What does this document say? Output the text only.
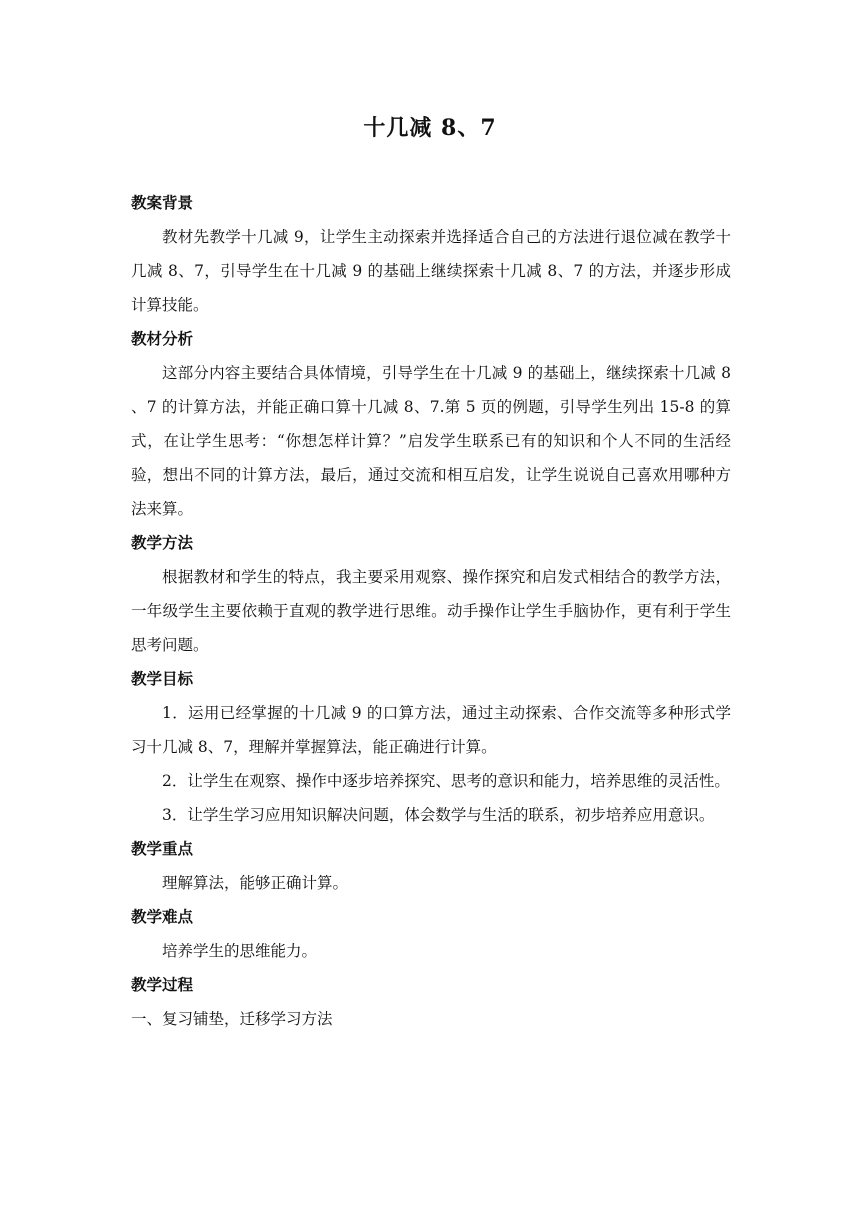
十几减 8、7

教案背景

教材先教学十几减 9，让学生主动探索并选择适合自己的方法进行退位减在教学十几减 8、7，引导学生在十几减 9 的基础上继续探索十几减 8、7 的方法，并逐步形成计算技能。

教材分析

这部分内容主要结合具体情境，引导学生在十几减 9 的基础上，继续探索十几减 8 、7 的计算方法，并能正确口算十几减 8、7.第 5 页的例题，引导学生列出 15-8 的算式，在让学生思考：“你想怎样计算？”启发学生联系已有的知识和个人不同的生活经验，想出不同的计算方法，最后，通过交流和相互启发，让学生说说自己喜欢用哪种方法来算。

教学方法

根据教材和学生的特点，我主要采用观察、操作探究和启发式相结合的教学方法，一年级学生主要依赖于直观的教学进行思维。动手操作让学生手脑协作，更有利于学生思考问题。

教学目标

1．运用已经掌握的十几减 9 的口算方法，通过主动探索、合作交流等多种形式学习十几减 8、7，理解并掌握算法，能正确进行计算。

2．让学生在观察、操作中逐步培养探究、思考的意识和能力，培养思维的灵活性。

3．让学生学习应用知识解决问题，体会数学与生活的联系，初步培养应用意识。

教学重点

理解算法，能够正确计算。

教学难点

培养学生的思维能力。

教学过程

一、复习铺垫，迁移学习方法
